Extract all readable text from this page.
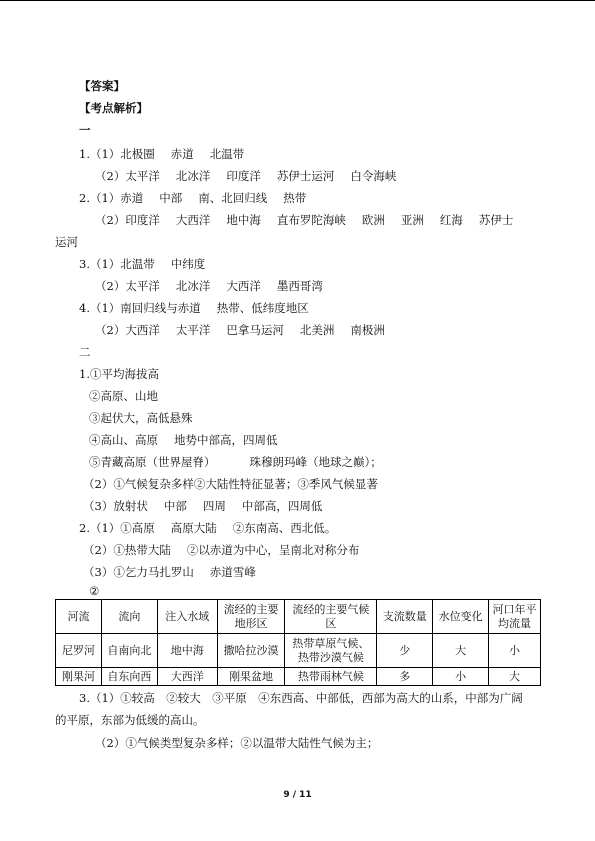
【答案】
【考点解析】
一
1.（1）北极圈 赤道 北温带
（2）太平洋 北冰洋 印度洋 苏伊士运河 白令海峡
2.（1）赤道 中部 南、北回归线 热带
（2）印度洋 大西洋 地中海 直布罗陀海峡 欧洲 亚洲 红海 苏伊士
运河
3.（1）北温带 中纬度
（2）太平洋 北冰洋 大西洋 墨西哥湾
4.（1）南回归线与赤道 热带、低纬度地区
（2）大西洋 太平洋 巴拿马运河 北美洲 南极洲
二
1.①平均海拔高
②高原、山地
③起伏大，高低悬殊
④高山、高原 地势中部高，四周低
⑤青藏高原（世界屋脊）	珠穆朗玛峰（地球之巅）；
（2）①气候复杂多样②大陆性特征显著；③季风气候显著
（3）放射状 中部 四周 中部高，四周低
2.（1）①高原 高原大陆 ②东南高、西北低。
（2）①热带大陆 ②以赤道为中心，呈南北对称分布
（3）①乞力马扎罗山 赤道雪峰
②
河流	流向	注入水域	流经的主要地形区	流经的主要气候区	支流数量	水位变化	河口年平均流量
尼罗河	自南向北	地中海	撒哈拉沙漠	热带草原气候、热带沙漠气候	少	大	小
刚果河	自东向西	大西洋	刚果盆地	热带雨林气候	多	小	大
3.（1）①较高　②较大　③平原　④东西高、中部低，西部为高大的山系，中部为广阔
的平原，东部为低缓的高山。
（2）①气候类型复杂多样；②以温带大陆性气候为主；
9 / 11
